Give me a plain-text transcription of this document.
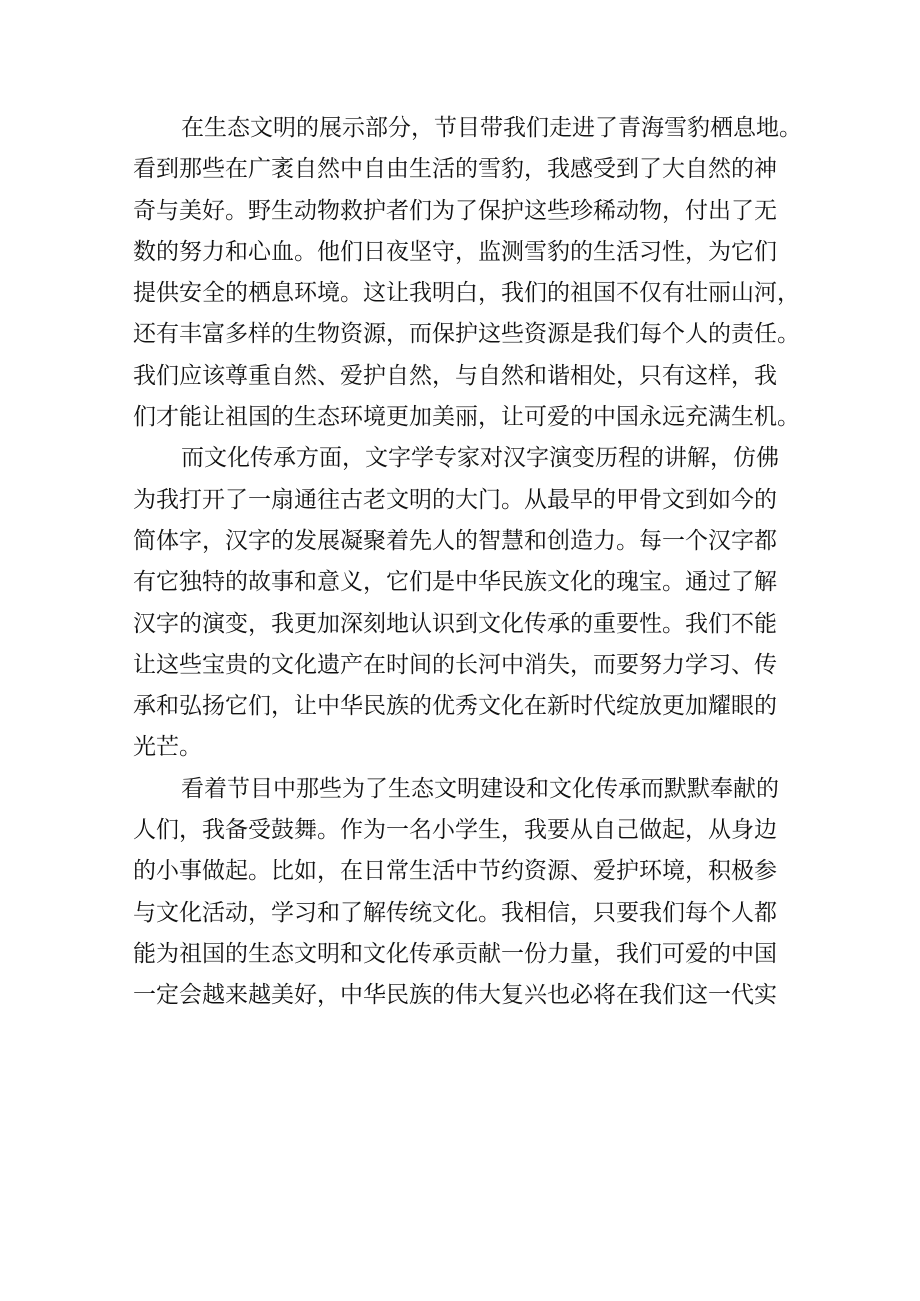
在生态文明的展示部分，节目带我们走进了青海雪豹栖息地。
看到那些在广袤自然中自由生活的雪豹，我感受到了大自然的神
奇与美好。野生动物救护者们为了保护这些珍稀动物，付出了无
数的努力和心血。他们日夜坚守，监测雪豹的生活习性，为它们
提供安全的栖息环境。这让我明白，我们的祖国不仅有壮丽山河，
还有丰富多样的生物资源，而保护这些资源是我们每个人的责任。
我们应该尊重自然、爱护自然，与自然和谐相处，只有这样，我
们才能让祖国的生态环境更加美丽，让可爱的中国永远充满生机。
而文化传承方面，文字学专家对汉字演变历程的讲解，仿佛
为我打开了一扇通往古老文明的大门。从最早的甲骨文到如今的
简体字，汉字的发展凝聚着先人的智慧和创造力。每一个汉字都
有它独特的故事和意义，它们是中华民族文化的瑰宝。通过了解
汉字的演变，我更加深刻地认识到文化传承的重要性。我们不能
让这些宝贵的文化遗产在时间的长河中消失，而要努力学习、传
承和弘扬它们，让中华民族的优秀文化在新时代绽放更加耀眼的
光芒。
看着节目中那些为了生态文明建设和文化传承而默默奉献的
人们，我备受鼓舞。作为一名小学生，我要从自己做起，从身边
的小事做起。比如，在日常生活中节约资源、爱护环境，积极参
与文化活动，学习和了解传统文化。我相信，只要我们每个人都
能为祖国的生态文明和文化传承贡献一份力量，我们可爱的中国
一定会越来越美好，中华民族的伟大复兴也必将在我们这一代实
